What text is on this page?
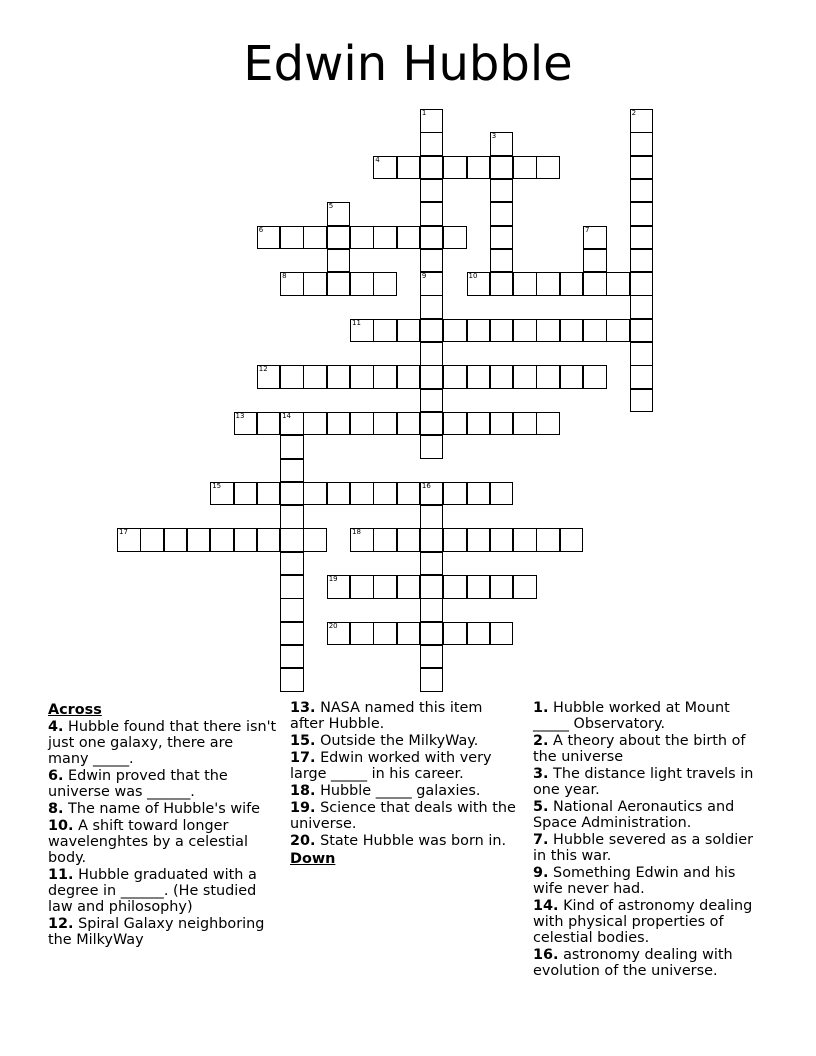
Edwin Hubble
1	2
3
4
5
6	7
8	9	10
11
12
13	14
15	16
17	18
19
20
Across
4. Hubble found that there isn't just one galaxy, there are many _____.
6. Edwin proved that the universe was ______.
8. The name of Hubble's wife
10. A shift toward longer wavelenghtes by a celestial body.
11. Hubble graduated with a degree in ______. (He studied law and philosophy)
12. Spiral Galaxy neighboring the MilkyWay
13. NASA named this item after Hubble.
15. Outside the MilkyWay.
17. Edwin worked with very large _____ in his career.
18. Hubble _____ galaxies.
19. Science that deals with the universe.
20. State Hubble was born in.
Down
1. Hubble worked at Mount _____ Observatory.
2. A theory about the birth of the universe
3. The distance light travels in one year.
5. National Aeronautics and Space Administration.
7. Hubble severed as a soldier in this war.
9. Something Edwin and his wife never had.
14. Kind of astronomy dealing with physical properties of celestial bodies.
16. astronomy dealing with evolution of the universe.
